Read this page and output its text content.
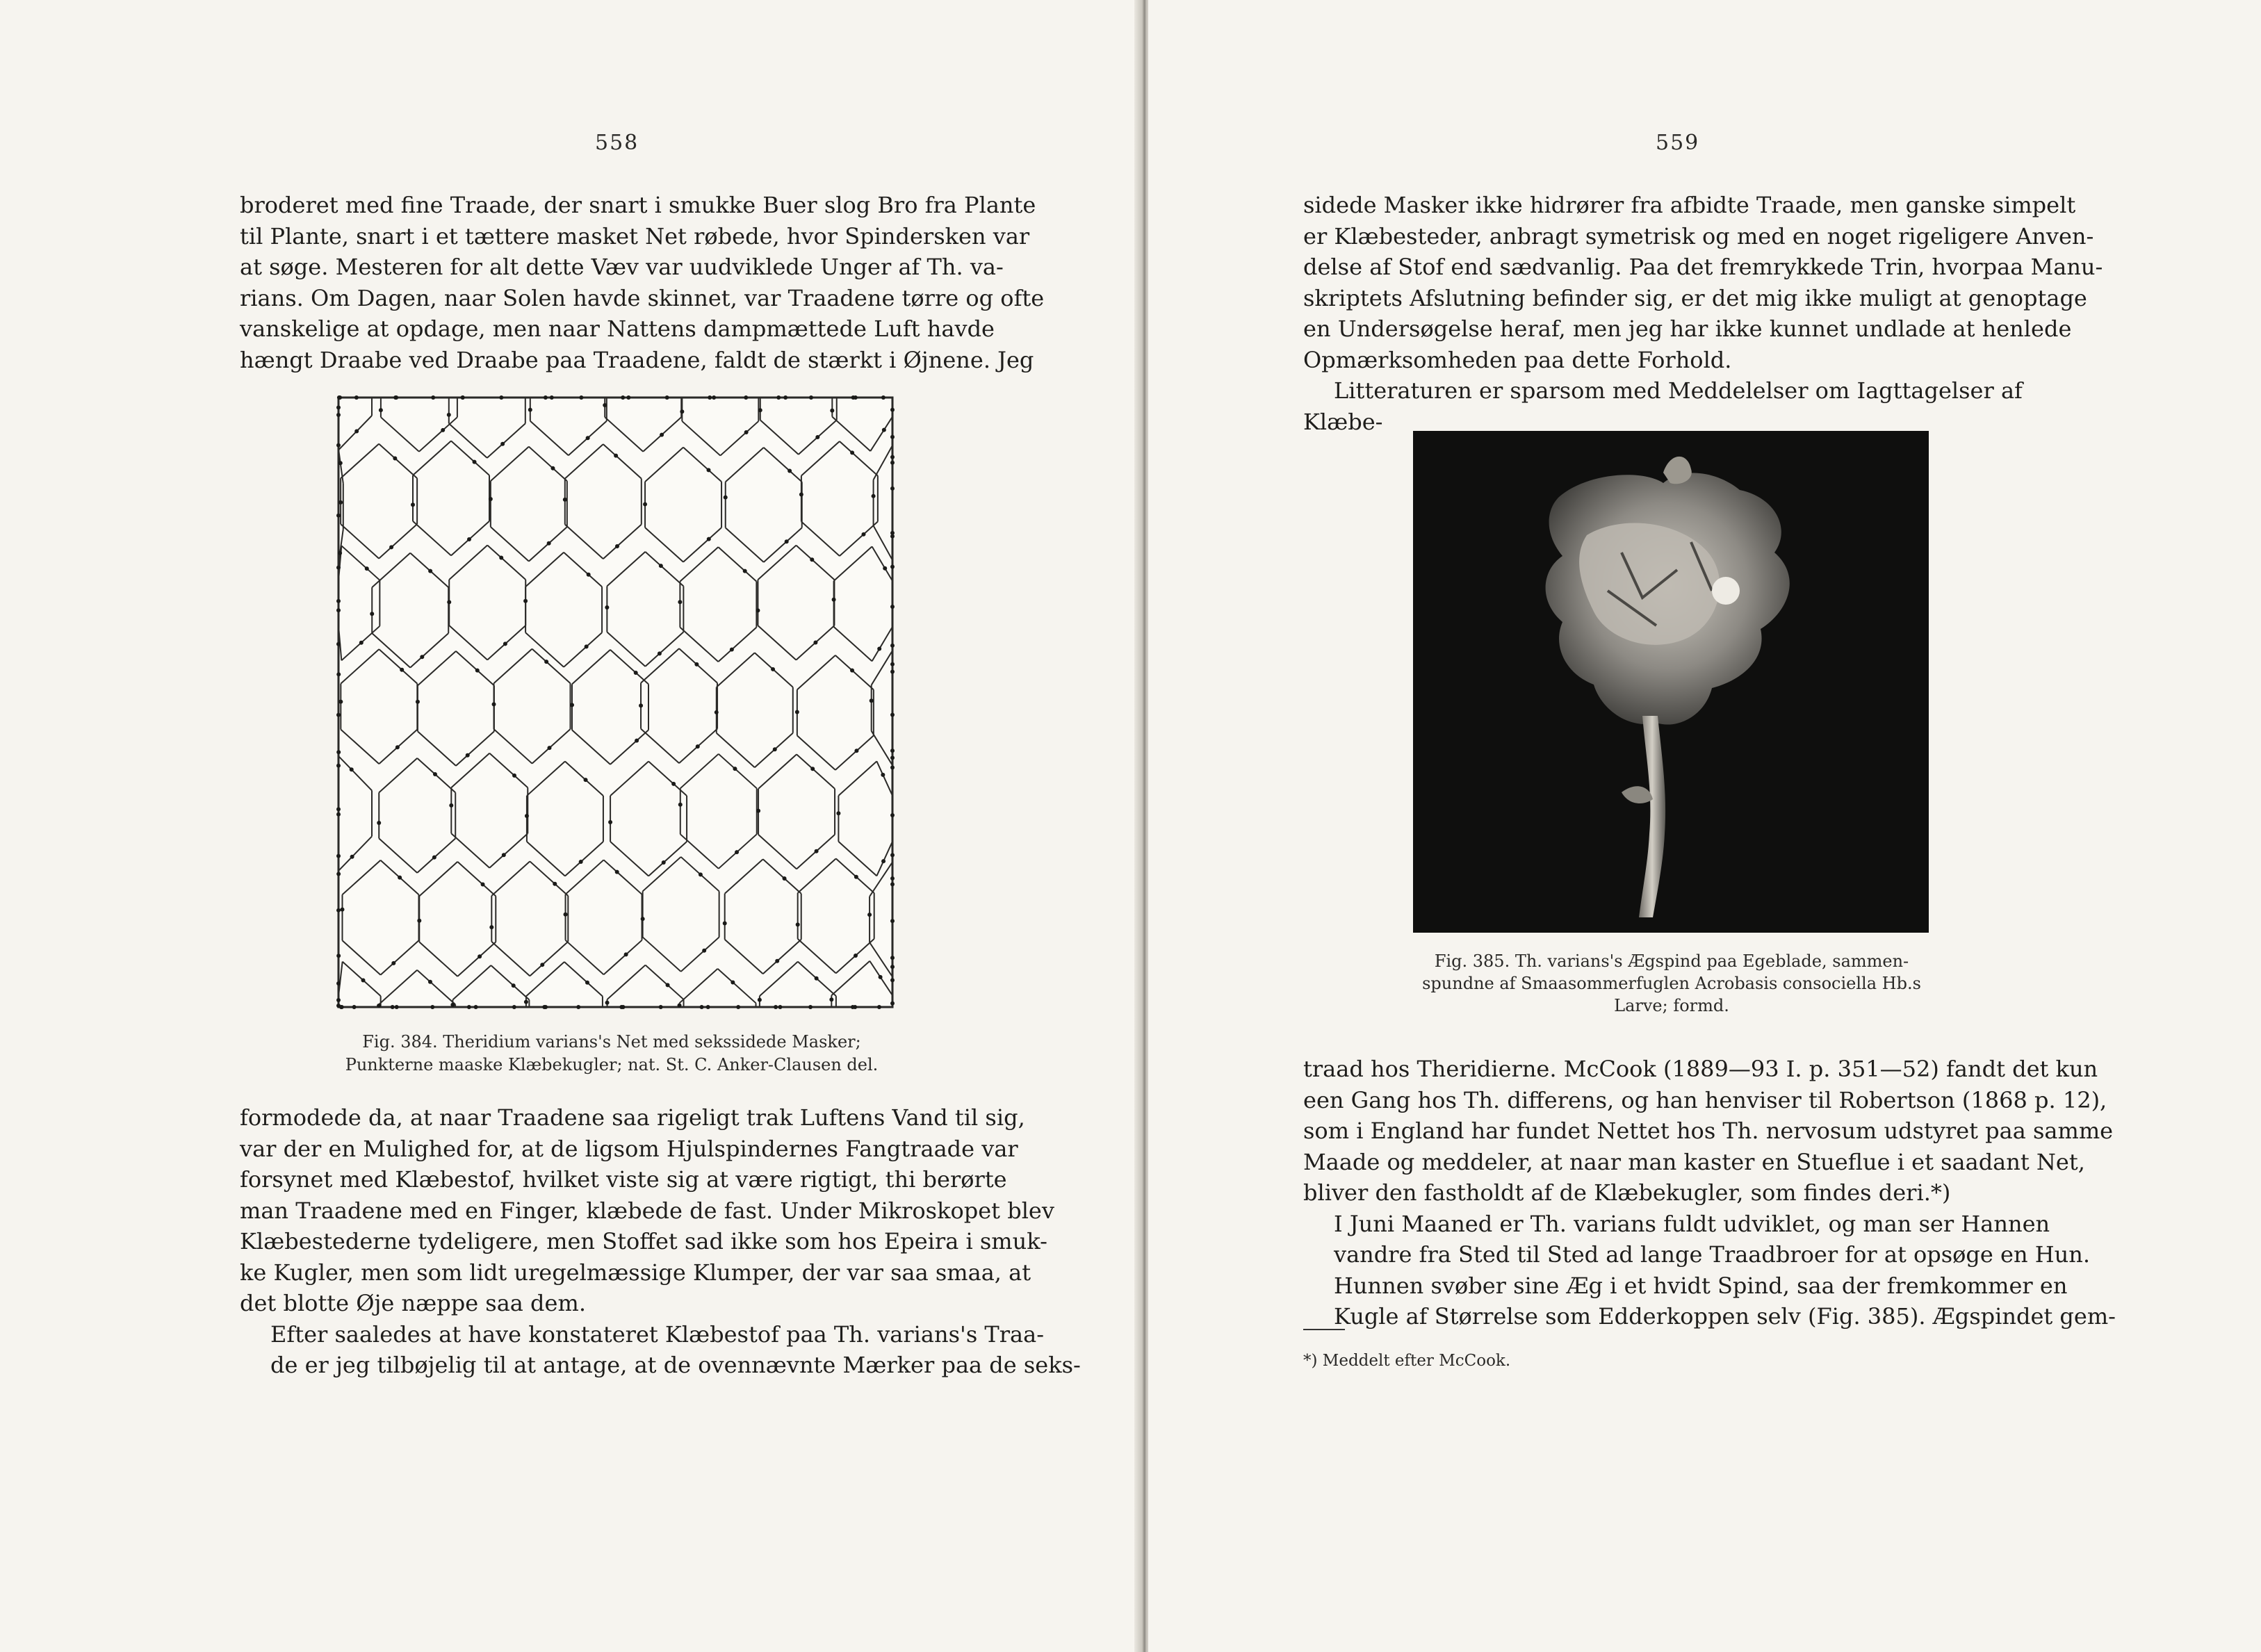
558

broderet med fine Traade, der snart i smukke Buer slog Bro fra Plante
til Plante, snart i et tættere masket Net røbede, hvor Spindersken var
at søge. Mesteren for alt dette Væv var uudviklede Unger af Th. va-
rians. Om Dagen, naar Solen havde skinnet, var Traadene tørre og ofte
vanskelige at opdage, men naar Nattens dampmættede Luft havde
hængt Draabe ved Draabe paa Traadene, faldt de stærkt i Øjnene. Jeg

Fig. 384. Theridium varians's Net med sekssidede Masker;
Punkterne maaske Klæbekugler; nat. St. C. Anker-Clausen del.

formodede da, at naar Traadene saa rigeligt trak Luftens Vand til sig,
var der en Mulighed for, at de ligsom Hjulspindernes Fangtraade var
forsynet med Klæbestof, hvilket viste sig at være rigtigt, thi berørte
man Traadene med en Finger, klæbede de fast. Under Mikroskopet blev
Klæbestederne tydeligere, men Stoffet sad ikke som hos Epeira i smuk-
ke Kugler, men som lidt uregelmæssige Klumper, der var saa smaa, at
det blotte Øje næppe saa dem.

Efter saaledes at have konstateret Klæbestof paa Th. varians's Traa-
de er jeg tilbøjelig til at antage, at de ovennævnte Mærker paa de seks-

559

sidede Masker ikke hidrører fra afbidte Traade, men ganske simpelt
er Klæbesteder, anbragt symetrisk og med en noget rigeligere Anven-
delse af Stof end sædvanlig. Paa det fremrykkede Trin, hvorpaa Manu-
skriptets Afslutning befinder sig, er det mig ikke muligt at genoptage
en Undersøgelse heraf, men jeg har ikke kunnet undlade at henlede
Opmærksomheden paa dette Forhold.

Litteraturen er sparsom med Meddelelser om Iagttagelser af Klæbe-

Fig. 385. Th. varians's Ægspind paa Egeblade, sammen-
spundne af Smaasommerfuglen Acrobasis consociella Hb.s
Larve; formd.

traad hos Theridierne. McCook (1889—93 I. p. 351—52) fandt det kun
een Gang hos Th. differens, og han henviser til Robertson (1868 p. 12),
som i England har fundet Nettet hos Th. nervosum udstyret paa samme
Maade og meddeler, at naar man kaster en Stueflue i et saadant Net,
bliver den fastholdt af de Klæbekugler, som findes deri.*)

I Juni Maaned er Th. varians fuldt udviklet, og man ser Hannen
vandre fra Sted til Sted ad lange Traadbroer for at opsøge en Hun.

Hunnen svøber sine Æg i et hvidt Spind, saa der fremkommer en
Kugle af Størrelse som Edderkoppen selv (Fig. 385). Ægspindet gem-

*) Meddelt efter McCook.
